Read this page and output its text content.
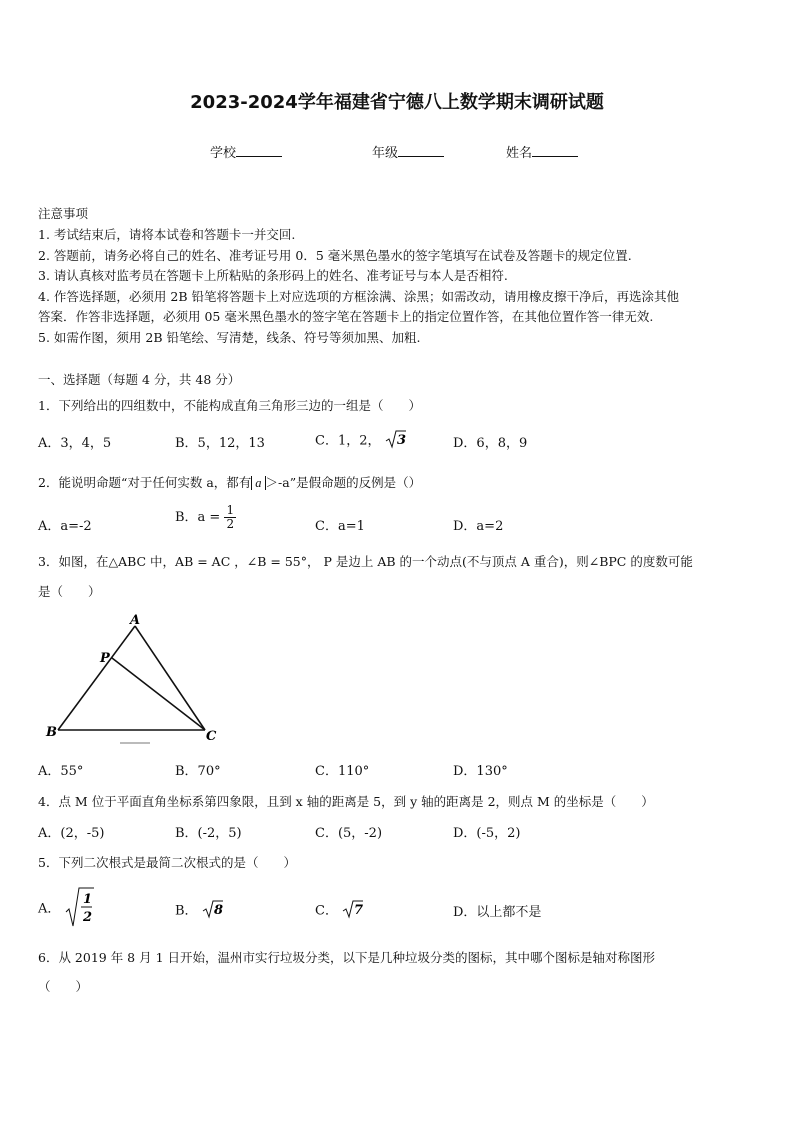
2023-2024学年福建省宁德八上数学期末调研试题
学校	年级	姓名
注意事项
1. 考试结束后，请将本试卷和答题卡一并交回.
2. 答题前，请务必将自己的姓名、准考证号用 0．5 毫米黑色墨水的签字笔填写在试卷及答题卡的规定位置.
3. 请认真核对监考员在答题卡上所粘贴的条形码上的姓名、准考证号与本人是否相符.
4. 作答选择题，必须用 2B 铅笔将答题卡上对应选项的方框涂满、涂黑；如需改动，请用橡皮擦干净后，再选涂其他
答案．作答非选择题，必须用 05 毫米黑色墨水的签字笔在答题卡上的指定位置作答，在其他位置作答一律无效.
5. 如需作图，须用 2B 铅笔绘、写清楚，线条、符号等须加黑、加粗.
一、选择题（每题 4 分，共 48 分）
1．下列给出的四组数中，不能构成直角三角形三边的一组是（　　）
A．3，4，5	B．5，12，13	C．1，2， 3	D．6，8，9
2．能说明命题“对于任何实数 a，都有 a ＞-a”是假命题的反例是（）
A．a=-2
B．$a = \frac{1}{2}$	C．a=1	D．a=2
3．如图，在△ABC 中，AB = AC ，∠B = 55°， P 是边上 AB 的一个动点(不与顶点 A 重合)，则∠BPC 的度数可能
是（　　）
A
P
B	C
A．55°	B．70°	C．110°	D．130°
4．点 M 位于平面直角坐标系第四象限，且到 x 轴的距离是 5，到 y 轴的距离是 2，则点 M 的坐标是（　　）
A．(2，-5)	B．(-2，5)	C．(5，-2)	D．(-5，2)
5．下列二次根式是最简二次根式的是（　　）
A．
1
2	B． 8	C． 7	D．以上都不是
6．从 2019 年 8 月 1 日开始，温州市实行垃圾分类，以下是几种垃圾分类的图标，其中哪个图标是轴对称图形
（　　）
